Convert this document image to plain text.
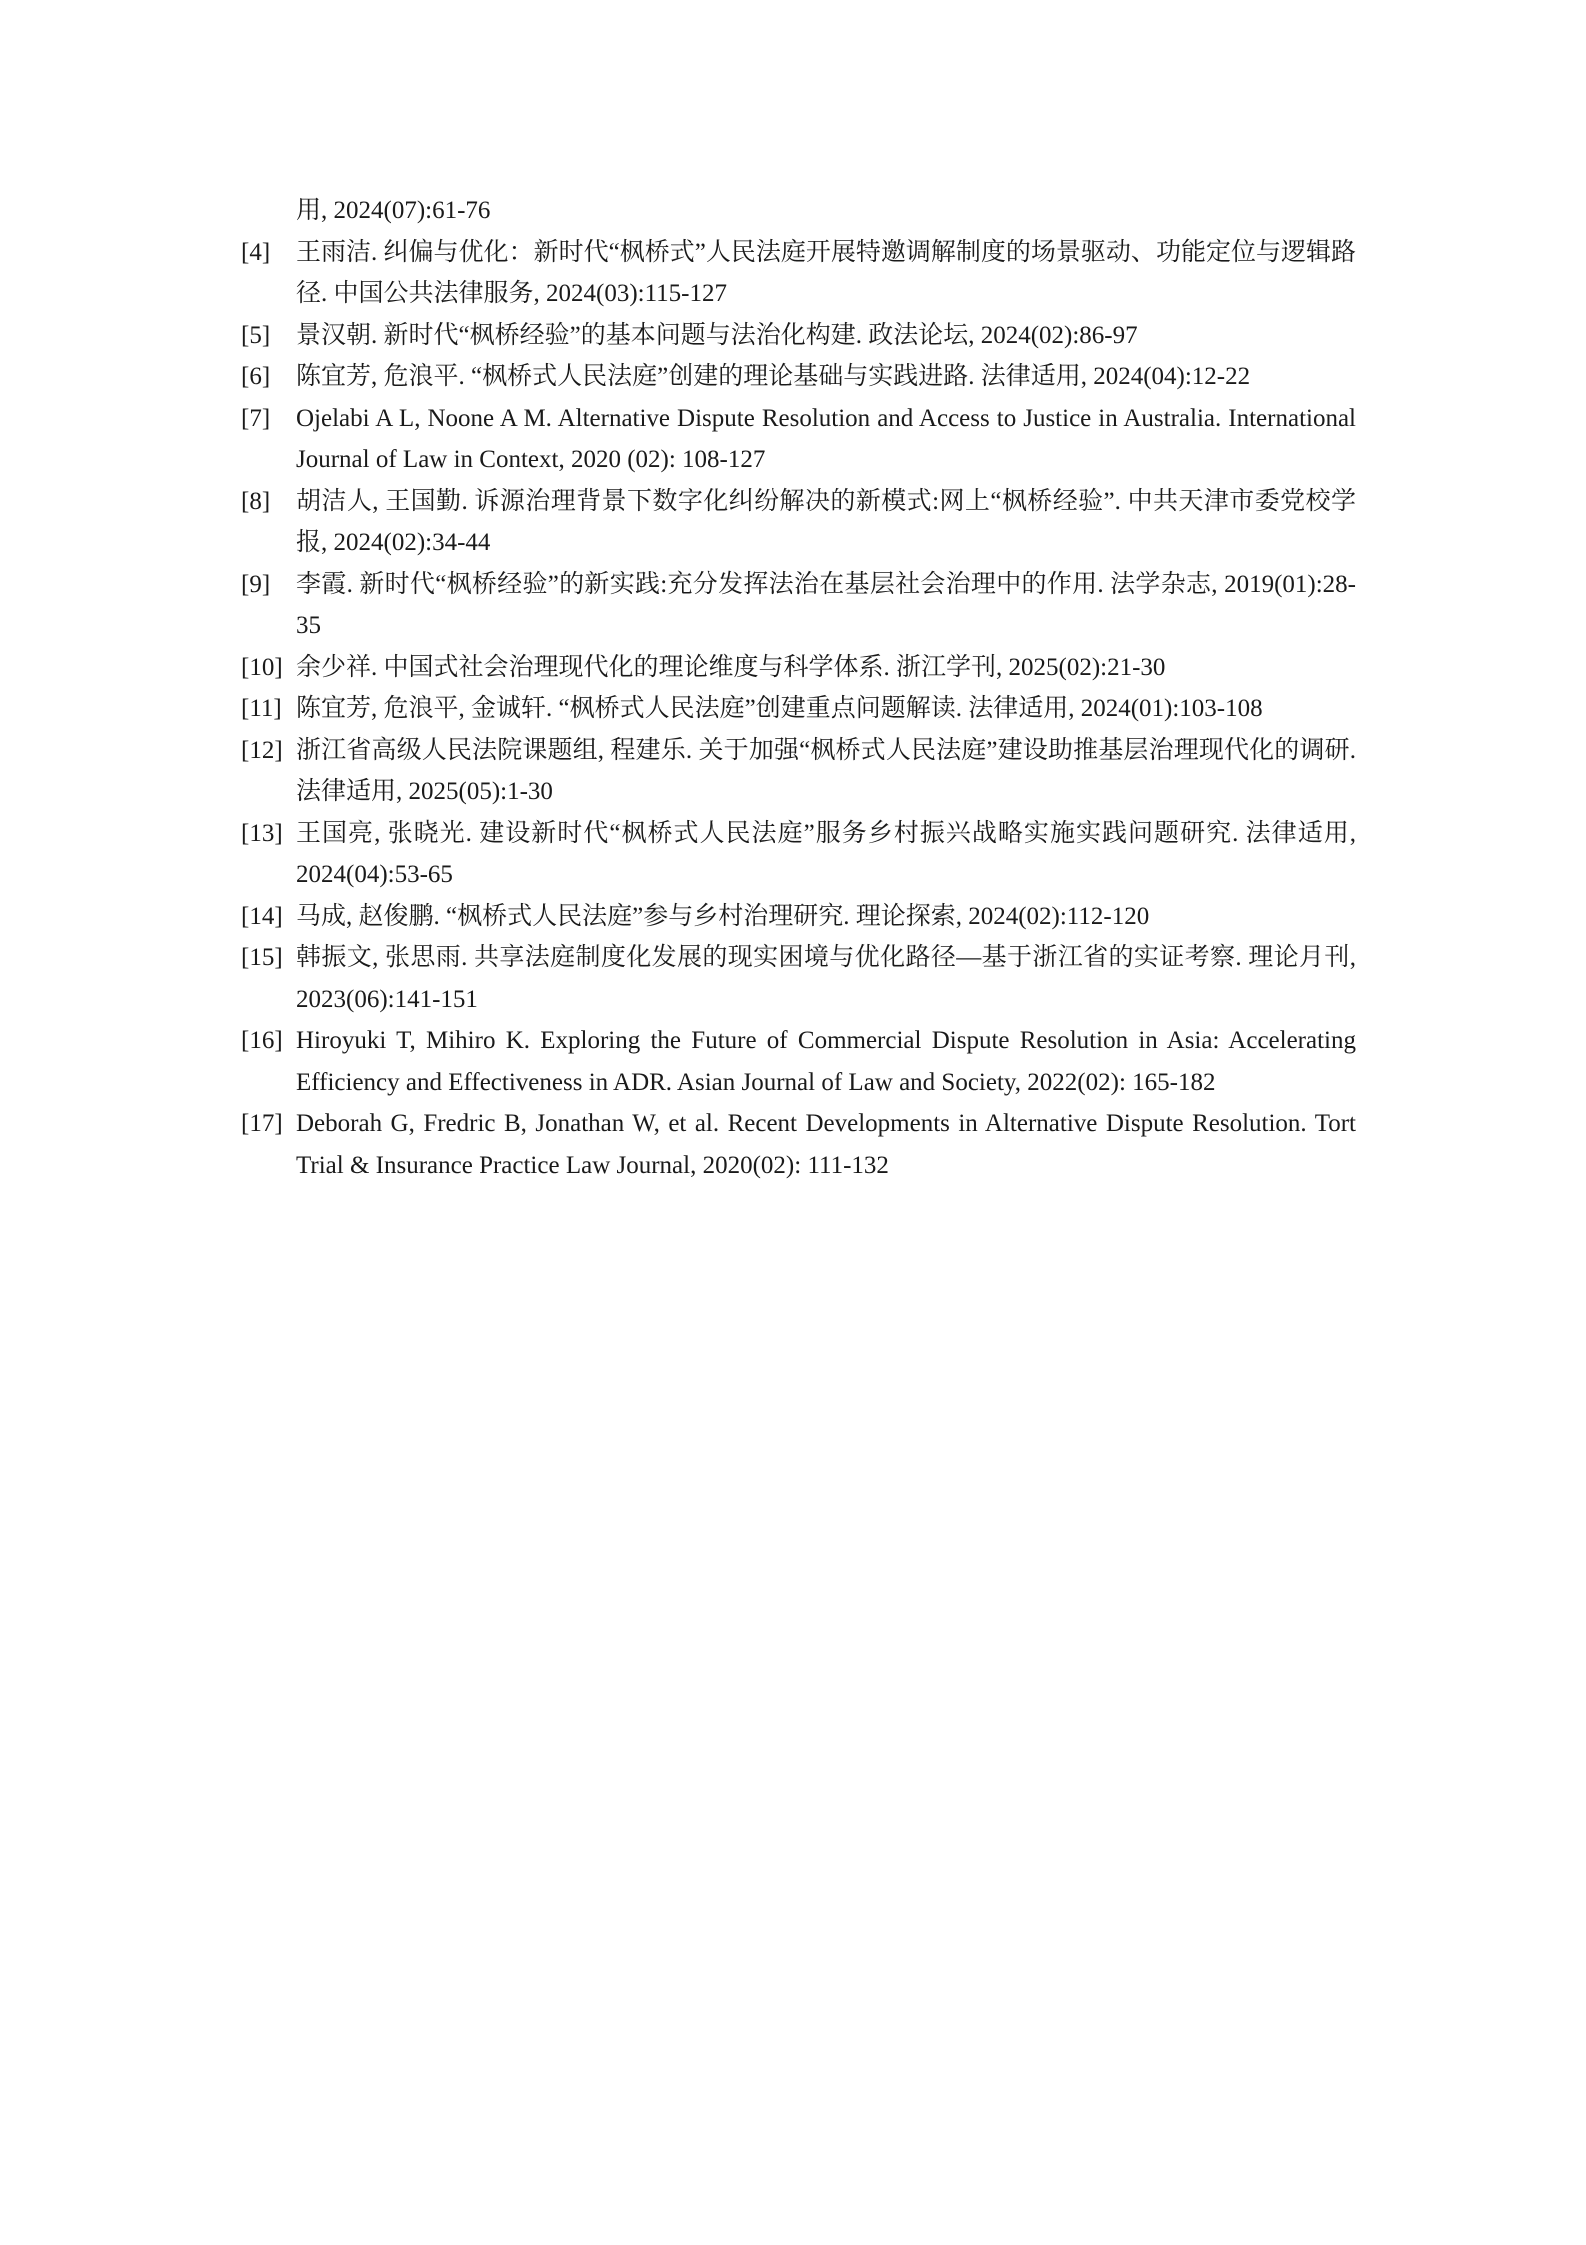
用, 2024(07):61-76
[4]	王雨洁. 纠偏与优化：新时代“枫桥式”人民法庭开展特邀调解制度的场景驱动、功能定位与逻辑路径. 中国公共法律服务, 2024(03):115-127
[5]	景汉朝. 新时代“枫桥经验”的基本问题与法治化构建. 政法论坛, 2024(02):86-97
[6]	陈宜芳, 危浪平. “枫桥式人民法庭”创建的理论基础与实践进路. 法律适用, 2024(04):12-22
[7]	Ojelabi A L, Noone A M. Alternative Dispute Resolution and Access to Justice in Australia. International Journal of Law in Context, 2020 (02): 108-127
[8]	胡洁人, 王国勤. 诉源治理背景下数字化纠纷解决的新模式:网上“枫桥经验”. 中共天津市委党校学报, 2024(02):34-44
[9]	李霞. 新时代“枫桥经验”的新实践:充分发挥法治在基层社会治理中的作用. 法学杂志, 2019(01):28-35
[10] 余少祥. 中国式社会治理现代化的理论维度与科学体系. 浙江学刊, 2025(02):21-30
[11] 陈宜芳, 危浪平, 金诚轩. “枫桥式人民法庭”创建重点问题解读. 法律适用, 2024(01):103-108
[12] 浙江省高级人民法院课题组, 程建乐. 关于加强“枫桥式人民法庭”建设助推基层治理现代化的调研. 法律适用, 2025(05):1-30
[13] 王国亮, 张晓光. 建设新时代“枫桥式人民法庭”服务乡村振兴战略实施实践问题研究. 法律适用, 2024(04):53-65
[14] 马成, 赵俊鹏. “枫桥式人民法庭”参与乡村治理研究. 理论探索, 2024(02):112-120
[15] 韩振文, 张思雨. 共享法庭制度化发展的现实困境与优化路径—基于浙江省的实证考察. 理论月刊, 2023(06):141-151
[16] Hiroyuki T, Mihiro K. Exploring the Future of Commercial Dispute Resolution in Asia: Accelerating Efficiency and Effectiveness in ADR. Asian Journal of Law and Society, 2022(02): 165-182
[17] Deborah G, Fredric B, Jonathan W, et al. Recent Developments in Alternative Dispute Resolution. Tort Trial & Insurance Practice Law Journal, 2020(02): 111-132
